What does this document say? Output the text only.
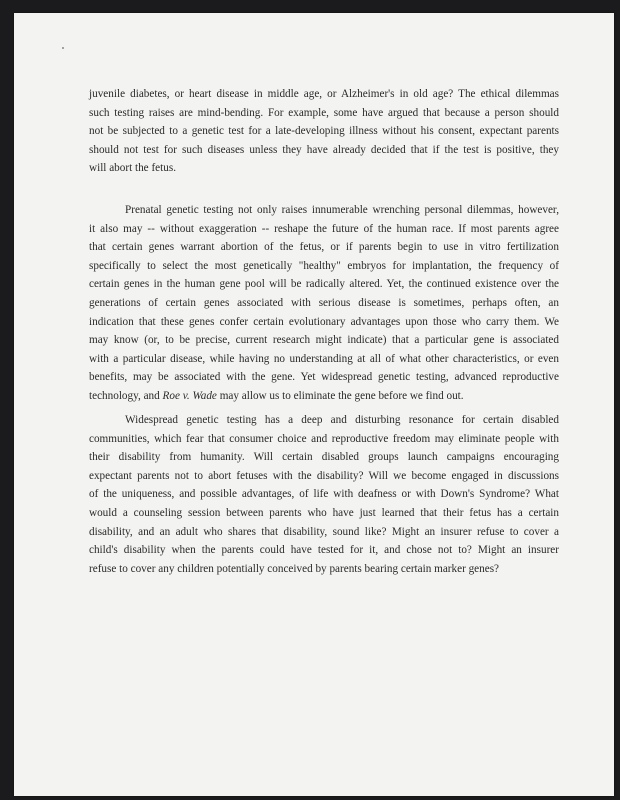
juvenile diabetes, or heart disease in middle age, or Alzheimer's in old age? The ethical dilemmas
such testing raises are mind-bending. For example, some have argued that because a person should
not be subjected to a genetic test for a late-developing illness without his consent, expectant parents
should not test for such diseases unless they have already decided that if the test is positive, they
will abort the fetus.
Prenatal genetic testing not only raises innumerable wrenching personal dilemmas, however,
it also may -- without exaggeration -- reshape the future of the human race. If most parents agree
that certain genes warrant abortion of the fetus, or if parents begin to use in vitro fertilization
specifically to select the most genetically "healthy" embryos for implantation, the frequency of
certain genes in the human gene pool will be radically altered. Yet, the continued existence over the
generations of certain genes associated with serious disease is sometimes, perhaps often, an
indication that these genes confer certain evolutionary advantages upon those who carry them. We
may know (or, to be precise, current research might indicate) that a particular gene is associated
with a particular disease, while having no understanding at all of what other characteristics, or even
benefits, may be associated with the gene. Yet widespread genetic testing, advanced reproductive
technology, and Roe v. Wade may allow us to eliminate the gene before we find out.
Widespread genetic testing has a deep and disturbing resonance for certain disabled
communities, which fear that consumer choice and reproductive freedom may eliminate people with
their disability from humanity. Will certain disabled groups launch campaigns encouraging
expectant parents not to abort fetuses with the disability? Will we become engaged in discussions
of the uniqueness, and possible advantages, of life with deafness or with Down's Syndrome? What
would a counseling session between parents who have just learned that their fetus has a certain
disability, and an adult who shares that disability, sound like? Might an insurer refuse to cover a
child's disability when the parents could have tested for it, and chose not to? Might an insurer
refuse to cover any children potentially conceived by parents bearing certain marker genes?
